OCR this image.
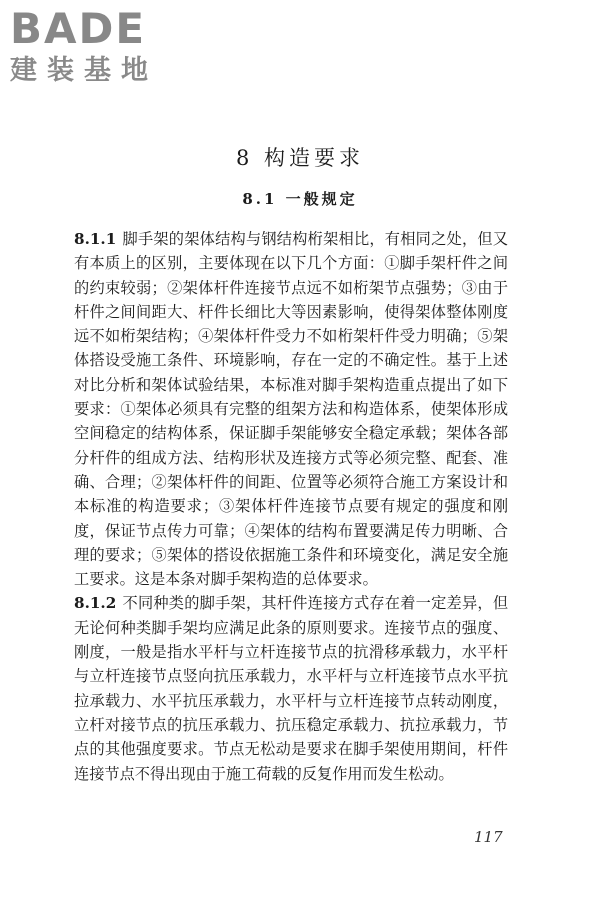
BADE
建装基地
8 构造要求
8.1 一般规定

8.1.1 脚手架的架体结构与钢结构桁架相比，有相同之处，但又有本质上的区别，主要体现在以下几个方面：①脚手架杆件之间的约束较弱；②架体杆件连接节点远不如桁架节点强势；③由于杆件之间间距大、杆件长细比大等因素影响，使得架体整体刚度远不如桁架结构；④架体杆件受力不如桁架杆件受力明确；⑤架体搭设受施工条件、环境影响，存在一定的不确定性。基于上述对比分析和架体试验结果，本标准对脚手架构造重点提出了如下要求：①架体必须具有完整的组架方法和构造体系，使架体形成空间稳定的结构体系，保证脚手架能够安全稳定承载；架体各部分杆件的组成方法、结构形状及连接方式等必须完整、配套、准确、合理；②架体杆件的间距、位置等必须符合施工方案设计和本标准的构造要求；③架体杆件连接节点要有规定的强度和刚度，保证节点传力可靠；④架体的结构布置要满足传力明晰、合理的要求；⑤架体的搭设依据施工条件和环境变化，满足安全施工要求。这是本条对脚手架构造的总体要求。

8.1.2 不同种类的脚手架，其杆件连接方式存在着一定差异，但无论何种类脚手架均应满足此条的原则要求。连接节点的强度、刚度，一般是指水平杆与立杆连接节点的抗滑移承载力，水平杆与立杆连接节点竖向抗压承载力，水平杆与立杆连接节点水平抗拉承载力、水平抗压承载力，水平杆与立杆连接节点转动刚度，立杆对接节点的抗压承载力、抗压稳定承载力、抗拉承载力，节点的其他强度要求。节点无松动是要求在脚手架使用期间，杆件连接节点不得出现由于施工荷载的反复作用而发生松动。

117
